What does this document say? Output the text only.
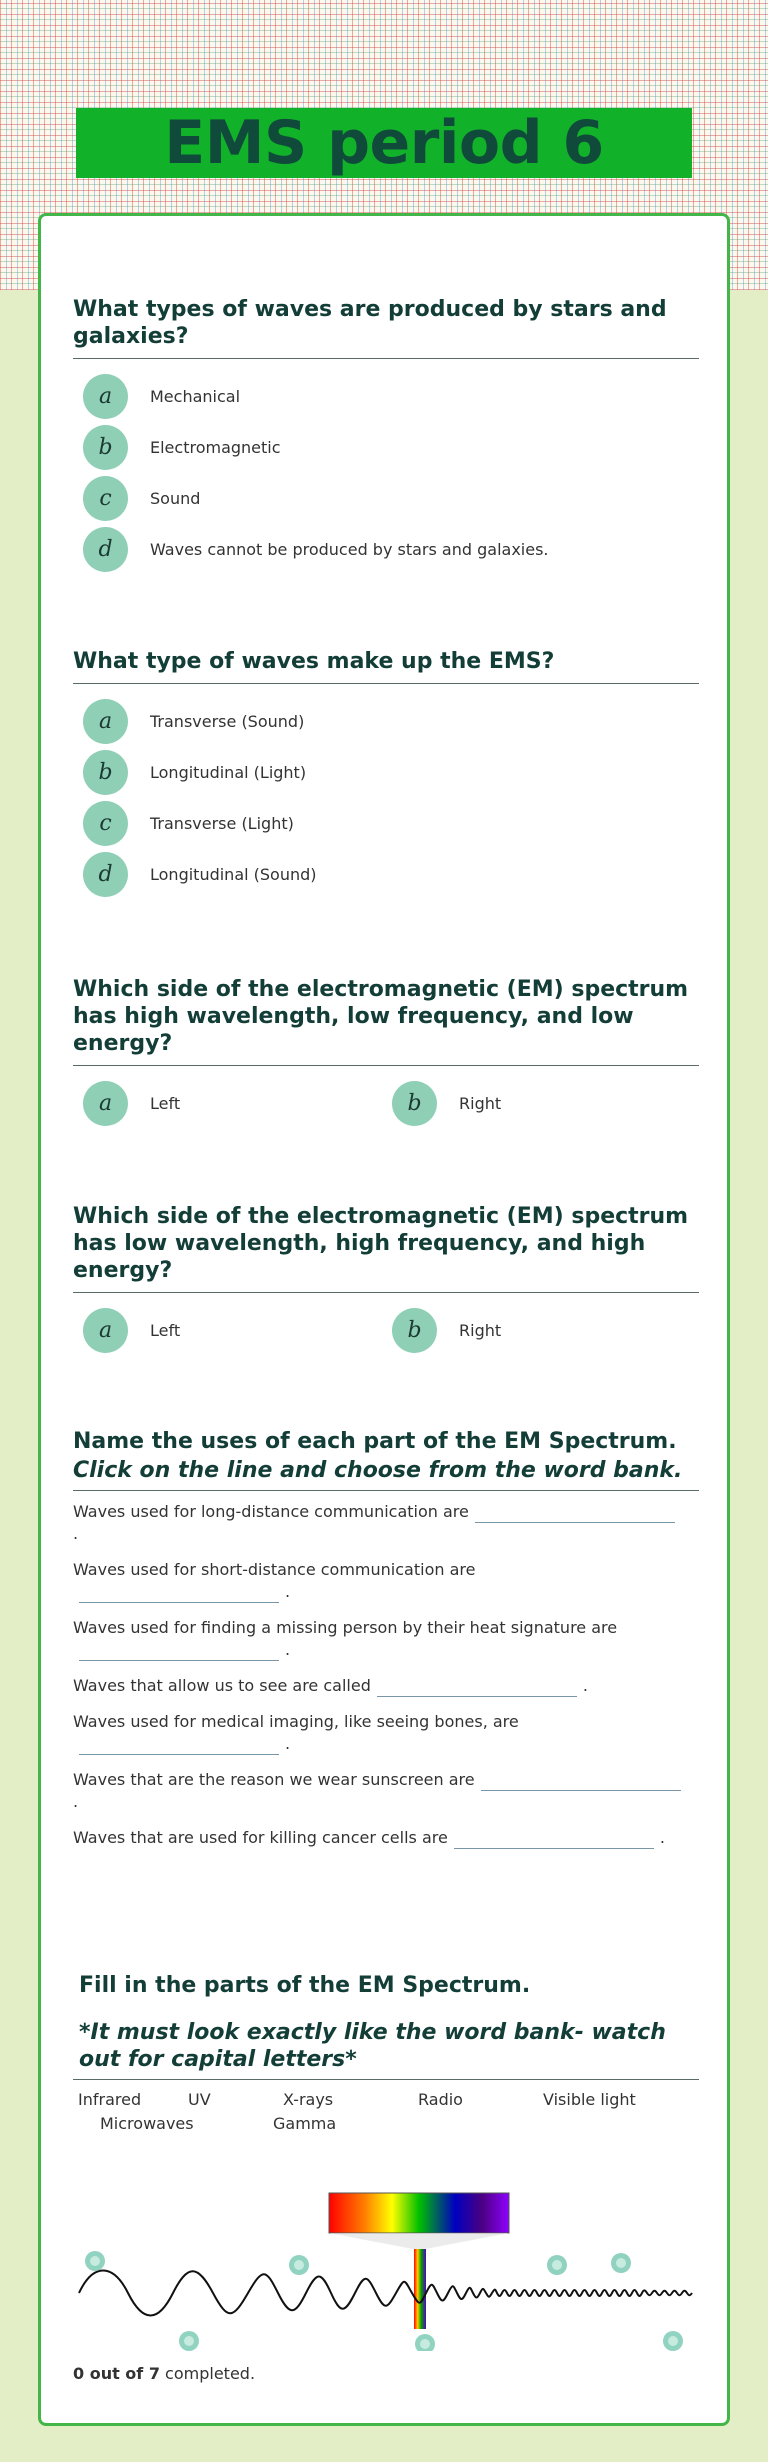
EMS period 6
What types of waves are produced by stars and galaxies?
a	Mechanical
b	Electromagnetic
c	Sound
d	Waves cannot be produced by stars and galaxies.
What type of waves make up the EMS?
a	Transverse (Sound)
b	Longitudinal (Light)
c	Transverse (Light)
d	Longitudinal (Sound)
Which side of the electromagnetic (EM) spectrum has high wavelength, low frequency, and low energy?
a	Left	b	Right
Which side of the electromagnetic (EM) spectrum has low wavelength, high frequency, and high energy?
a	Left	b	Right
Name the uses of each part of the EM Spectrum.
Click on the line and choose from the word bank.
Waves used for long-distance communication are
.
Waves used for short-distance communication are
.
Waves used for finding a missing person by their heat signature are
.
Waves that allow us to see are called	.
Waves used for medical imaging, like seeing bones, are
.
Waves that are the reason we wear sunscreen are
.
Waves that are used for killing cancer cells are	.
Fill in the parts of the EM Spectrum.
*It must look exactly like the word bank- watch out for capital letters*
Infrared	UV	X-rays	Radio	Visible light
Microwaves	Gamma
0 out of 7 completed.
